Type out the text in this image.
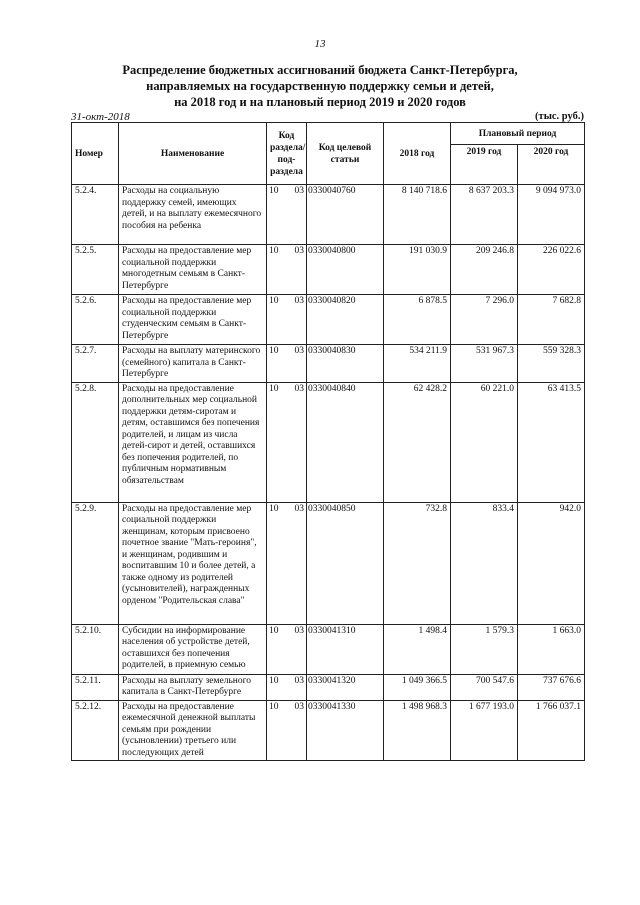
13
Распределение бюджетных ассигнований бюджета Санкт-Петербурга,
направляемых на государственную поддержку семьи и детей,
на 2018 год и на плановый период 2019 и 2020 годов
31-окт-2018	(тыс. руб.)
Номер	Наименование	Код раздела/ под- раздела	Код целевой статьи	2018 год	Плановый период	
					2019 год	2020 год
5.2.4.	Расходы на социальную поддержку семей, имеющих детей, и на выплату ежемесячного пособия на ребенка	10 03	0330040760	8 140 718.6	8 637 203.3	9 094 973.0
5.2.5.	Расходы на предоставление мер социальной поддержки многодетным семьям в Санкт-Петербурге	10 03	0330040800	191 030.9	209 246.8	226 022.6
5.2.6.	Расходы на предоставление мер социальной поддержки студенческим семьям в Санкт-Петербурге	10 03	0330040820	6 878.5	7 296.0	7 682.8
5.2.7.	Расходы на выплату материнского (семейного) капитала в Санкт-Петербурге	10 03	0330040830	534 211.9	531 967.3	559 328.3
5.2.8.	Расходы на предоставление дополнительных мер социальной поддержки детям-сиротам и детям, оставшимся без попечения родителей, и лицам из числа детей-сирот и детей, оставшихся без попечения родителей, по публичным нормативным обязательствам	10 03	0330040840	62 428.2	60 221.0	63 413.5
5.2.9.	Расходы на предоставление мер социальной поддержки женщинам, которым присвоено почетное звание "Мать-героиня", и женщинам, родившим и воспитавшим 10 и более детей, а также одному из родителей (усыновителей), награжденных орденом "Родительская слава"	10 03	0330040850	732.8	833.4	942.0
5.2.10.	Субсидии на информирование населения об устройстве детей, оставшихся без попечения родителей, в приемную семью	10 03	0330041310	1 498.4	1 579.3	1 663.0
5.2.11.	Расходы на выплату земельного капитала в Санкт-Петербурге	10 03	0330041320	1 049 366.5	700 547.6	737 676.6
5.2.12.	Расходы на предоставление ежемесячной денежной выплаты семьям при рождении (усыновлении) третьего или последующих детей	10 03	0330041330	1 498 968.3	1 677 193.0	1 766 037.1
